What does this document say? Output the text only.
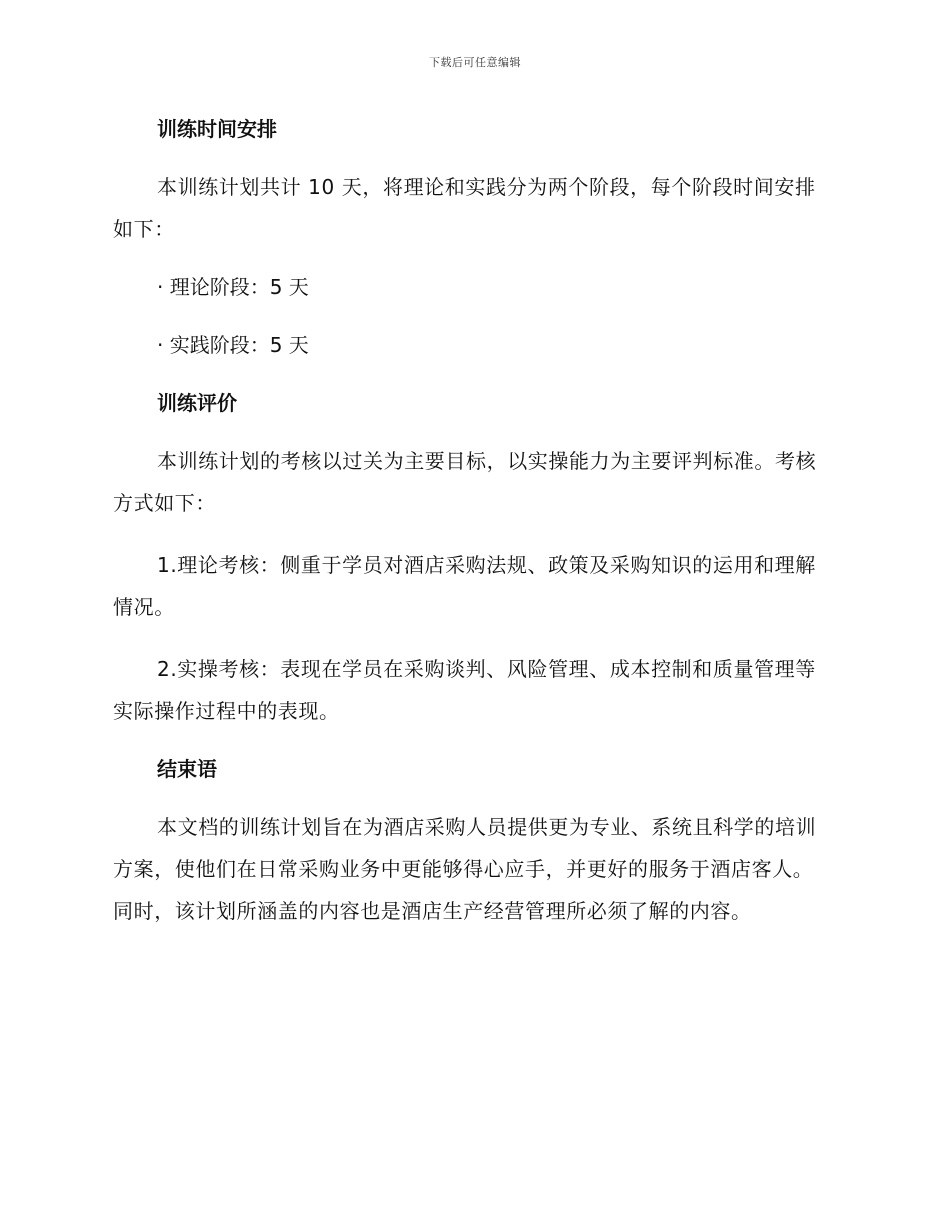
下载后可任意编辑
训练时间安排

本训练计划共计 10 天，将理论和实践分为两个阶段，每个阶段时间安排如下：

· 理论阶段：5 天

· 实践阶段：5 天

训练评价

本训练计划的考核以过关为主要目标，以实操能力为主要评判标准。考核方式如下：

1.理论考核：侧重于学员对酒店采购法规、政策及采购知识的运用和理解情况。

2.实操考核：表现在学员在采购谈判、风险管理、成本控制和质量管理等实际操作过程中的表现。

结束语

本文档的训练计划旨在为酒店采购人员提供更为专业、系统且科学的培训方案，使他们在日常采购业务中更能够得心应手，并更好的服务于酒店客人。同时，该计划所涵盖的内容也是酒店生产经营管理所必须了解的内容。
